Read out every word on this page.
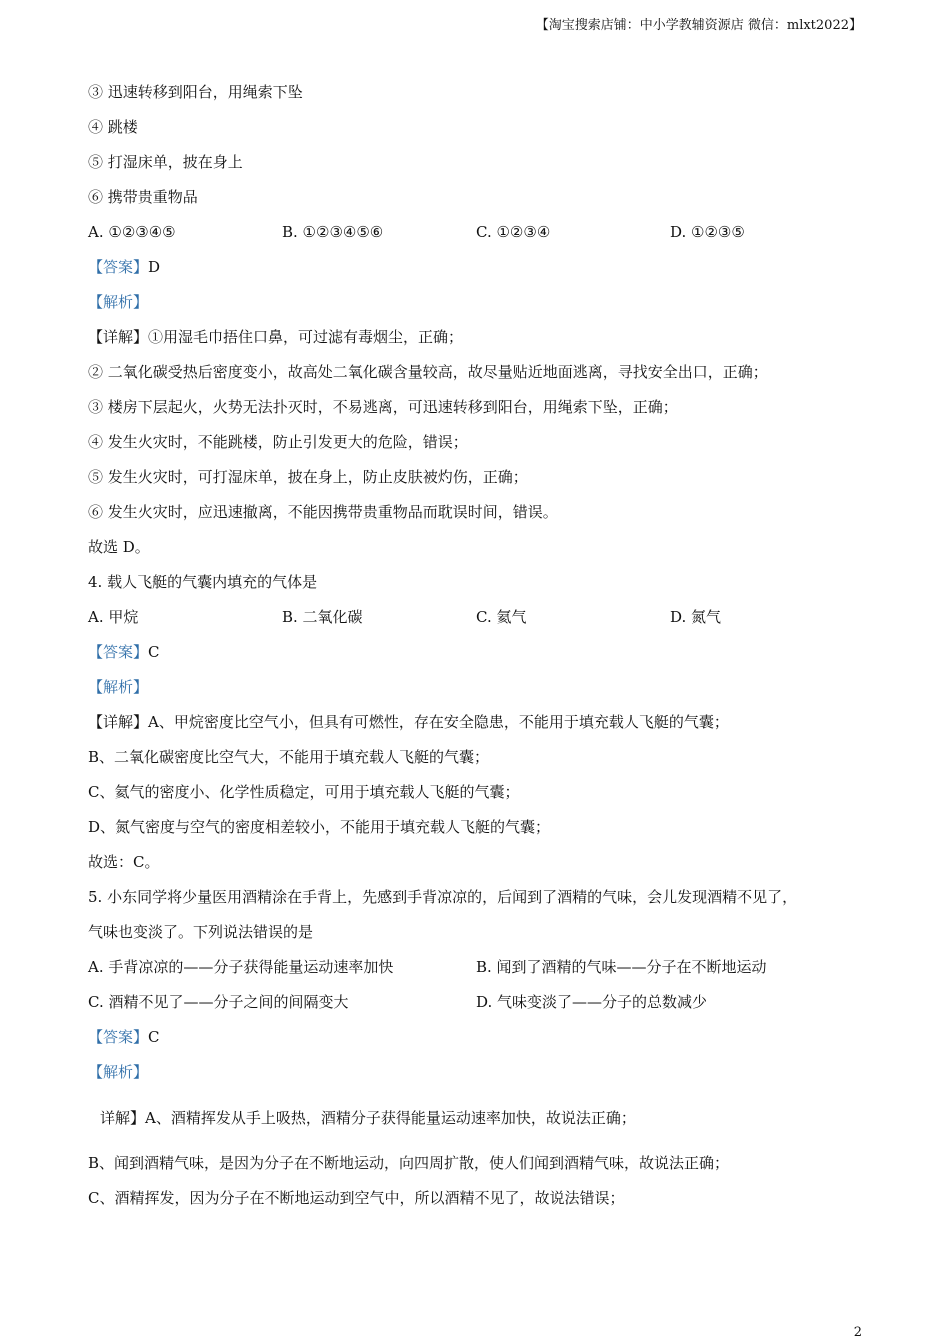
【淘宝搜索店铺：中小学教辅资源店 微信：mlxt2022】
③ 迅速转移到阳台，用绳索下坠
④ 跳楼
⑤ 打湿床单，披在身上
⑥ 携带贵重物品
A. ①②③④⑤	B. ①②③④⑤⑥	C. ①②③④	D. ①②③⑤
【答案】D
【解析】
【详解】①用湿毛巾捂住口鼻，可过滤有毒烟尘，正确；
② 二氧化碳受热后密度变小，故高处二氧化碳含量较高，故尽量贴近地面逃离，寻找安全出口，正确；
③ 楼房下层起火，火势无法扑灭时，不易逃离，可迅速转移到阳台，用绳索下坠，正确；
④ 发生火灾时，不能跳楼，防止引发更大的危险，错误；
⑤ 发生火灾时，可打湿床单，披在身上，防止皮肤被灼伤，正确；
⑥ 发生火灾时，应迅速撤离，不能因携带贵重物品而耽误时间，错误。
故选 D。
4. 载人飞艇的气囊内填充的气体是
A. 甲烷	B. 二氧化碳	C. 氦气	D. 氮气
【答案】C
【解析】
【详解】A、甲烷密度比空气小，但具有可燃性，存在安全隐患，不能用于填充载人飞艇的气囊；
B、二氧化碳密度比空气大，不能用于填充载人飞艇的气囊；
C、氦气的密度小、化学性质稳定，可用于填充载人飞艇的气囊；
D、氮气密度与空气的密度相差较小，不能用于填充载人飞艇的气囊；
故选：C。
5. 小东同学将少量医用酒精涂在手背上，先感到手背凉凉的，后闻到了酒精的气味，会儿发现酒精不见了，
气味也变淡了。下列说法错误的是
A. 手背凉凉的——分子获得能量运动速率加快	B. 闻到了酒精的气味——分子在不断地运动
C. 酒精不见了——分子之间的间隔变大	D. 气味变淡了——分子的总数减少
【答案】C
【解析】
详解】A、酒精挥发从手上吸热，酒精分子获得能量运动速率加快，故说法正确；
B、闻到酒精气味，是因为分子在不断地运动，向四周扩散，使人们闻到酒精气味，故说法正确；
C、酒精挥发，因为分子在不断地运动到空气中，所以酒精不见了，故说法错误；
2
